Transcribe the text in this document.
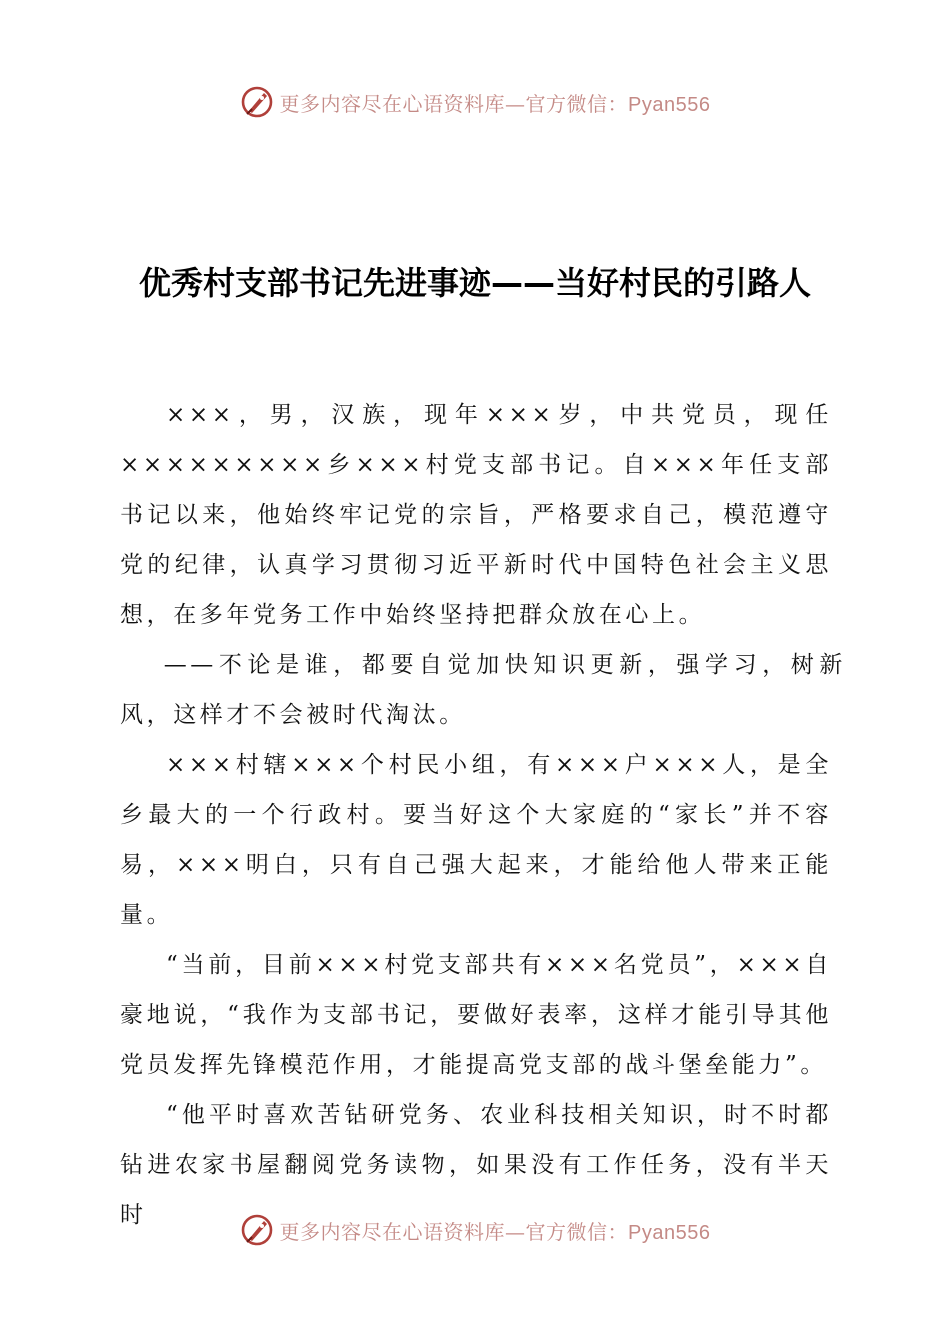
更多内容尽在心语资料库—官方微信：Pyan556
优秀村支部书记先进事迹——当好村民的引路人

×××，男，汉族，现年×××岁，中共党员，现任×××××××××乡×××村党支部书记。自×××年任支部书记以来，他始终牢记党的宗旨，严格要求自己，模范遵守党的纪律，认真学习贯彻习近平新时代中国特色社会主义思想，在多年党务工作中始终坚持把群众放在心上。

——不论是谁，都要自觉加快知识更新，强学习，树新风，这样才不会被时代淘汰。

×××村辖×××个村民小组，有×××户×××人，是全乡最大的一个行政村。要当好这个大家庭的“家长”并不容易，×××明白，只有自己强大起来，才能给他人带来正能量。

“当前，目前×××村党支部共有×××名党员”，×××自豪地说，“我作为支部书记，要做好表率，这样才能引导其他党员发挥先锋模范作用，才能提高党支部的战斗堡垒能力”。

“他平时喜欢苦钻研党务、农业科技相关知识，时不时都钻进农家书屋翻阅党务读物，如果没有工作任务，没有半天时

更多内容尽在心语资料库—官方微信：Pyan556
